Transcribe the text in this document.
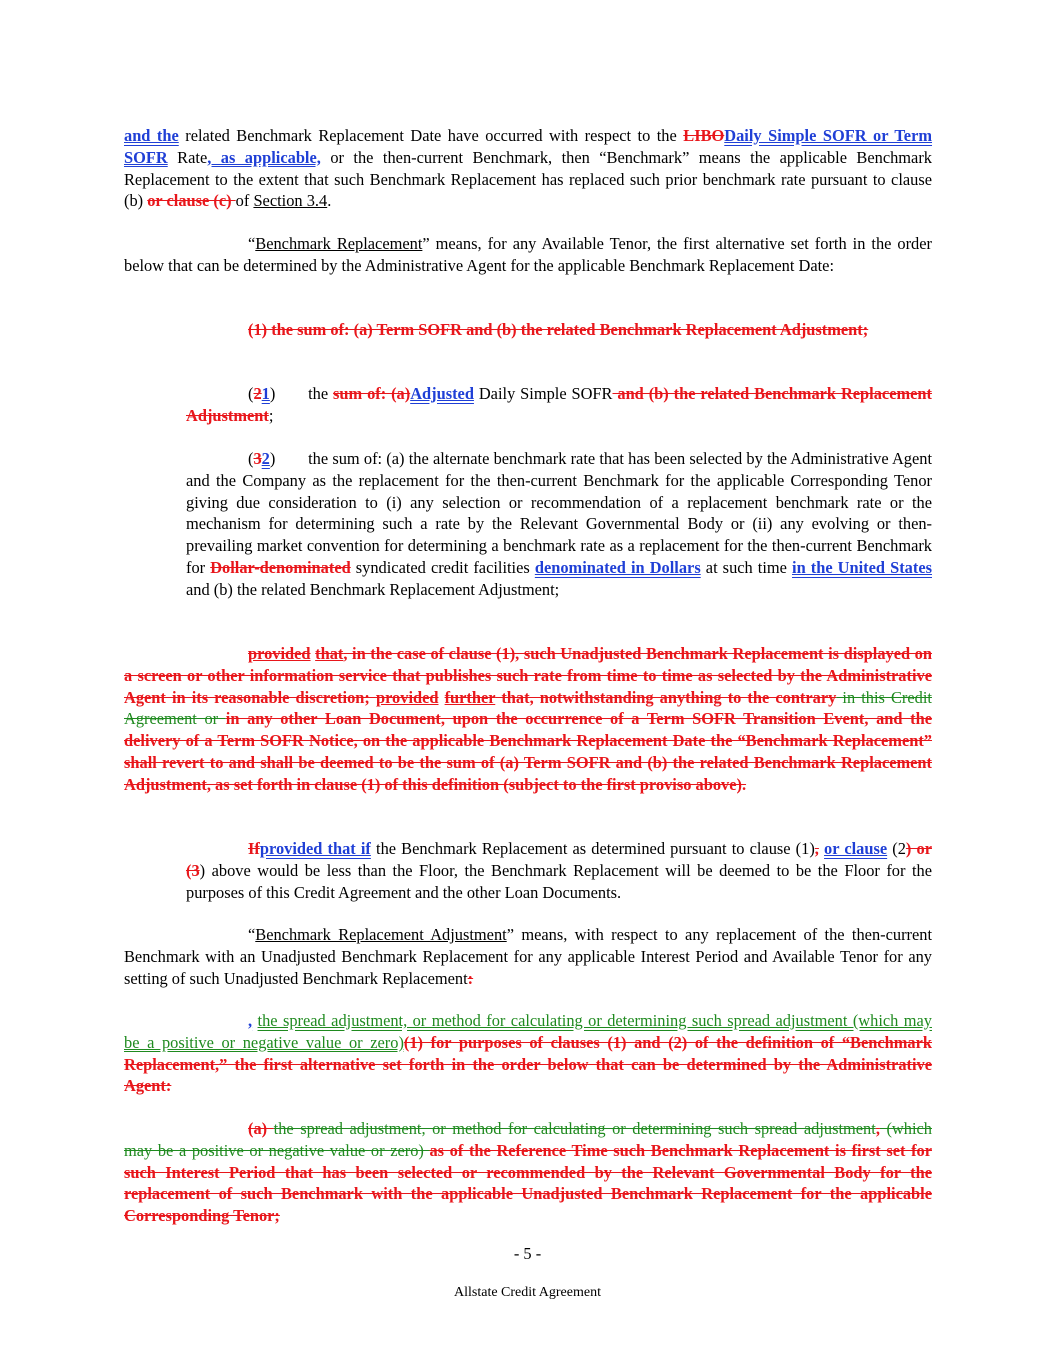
and the related Benchmark Replacement Date have occurred with respect to the LIBODaily Simple SOFR or Term SOFR Rate, as applicable, or the then-current Benchmark, then “Benchmark” means the applicable Benchmark Replacement to the extent that such Benchmark Replacement has replaced such prior benchmark rate pursuant to clause (b) or clause (c) of Section 3.4.

“Benchmark Replacement” means, for any Available Tenor, the first alternative set forth in the order below that can be determined by the Administrative Agent for the applicable Benchmark Replacement Date:

(1) the sum of: (a) Term SOFR and (b) the related Benchmark Replacement Adjustment;

(21)  the sum of: (a)Adjusted Daily Simple SOFR and (b) the related Benchmark Replacement Adjustment;

(32)  the sum of: (a) the alternate benchmark rate that has been selected by the Administrative Agent and the Company as the replacement for the then-current Benchmark for the applicable Corresponding Tenor giving due consideration to (i) any selection or recommendation of a replacement benchmark rate or the mechanism for determining such a rate by the Relevant Governmental Body or (ii) any evolving or then-prevailing market convention for determining a benchmark rate as a replacement for the then-current Benchmark for Dollar-denominated syndicated credit facilities denominated in Dollars at such time in the United States and (b) the related Benchmark Replacement Adjustment;

provided that, in the case of clause (1), such Unadjusted Benchmark Replacement is displayed on a screen or other information service that publishes such rate from time to time as selected by the Administrative Agent in its reasonable discretion; provided further that, notwithstanding anything to the contrary in this Credit Agreement or in any other Loan Document, upon the occurrence of a Term SOFR Transition Event, and the delivery of a Term SOFR Notice, on the applicable Benchmark Replacement Date the “Benchmark Replacement” shall revert to and shall be deemed to be the sum of (a) Term SOFR and (b) the related Benchmark Replacement Adjustment, as set forth in clause (1) of this definition (subject to the first proviso above).

Ifprovided that if the Benchmark Replacement as determined pursuant to clause (1), or clause (2) or (3) above would be less than the Floor, the Benchmark Replacement will be deemed to be the Floor for the purposes of this Credit Agreement and the other Loan Documents.

“Benchmark Replacement Adjustment” means, with respect to any replacement of the then-current Benchmark with an Unadjusted Benchmark Replacement for any applicable Interest Period and Available Tenor for any setting of such Unadjusted Benchmark Replacement:

, the spread adjustment, or method for calculating or determining such spread adjustment (which may be a positive or negative value or zero)(1) for purposes of clauses (1) and (2) of the definition of “Benchmark Replacement,” the first alternative set forth in the order below that can be determined by the Administrative Agent:

(a) the spread adjustment, or method for calculating or determining such spread adjustment, (which may be a positive or negative value or zero) as of the Reference Time such Benchmark Replacement is first set for such Interest Period that has been selected or recommended by the Relevant Governmental Body for the replacement of such Benchmark with the applicable Unadjusted Benchmark Replacement for the applicable Corresponding Tenor;

- 5 -
Allstate Credit Agreement
